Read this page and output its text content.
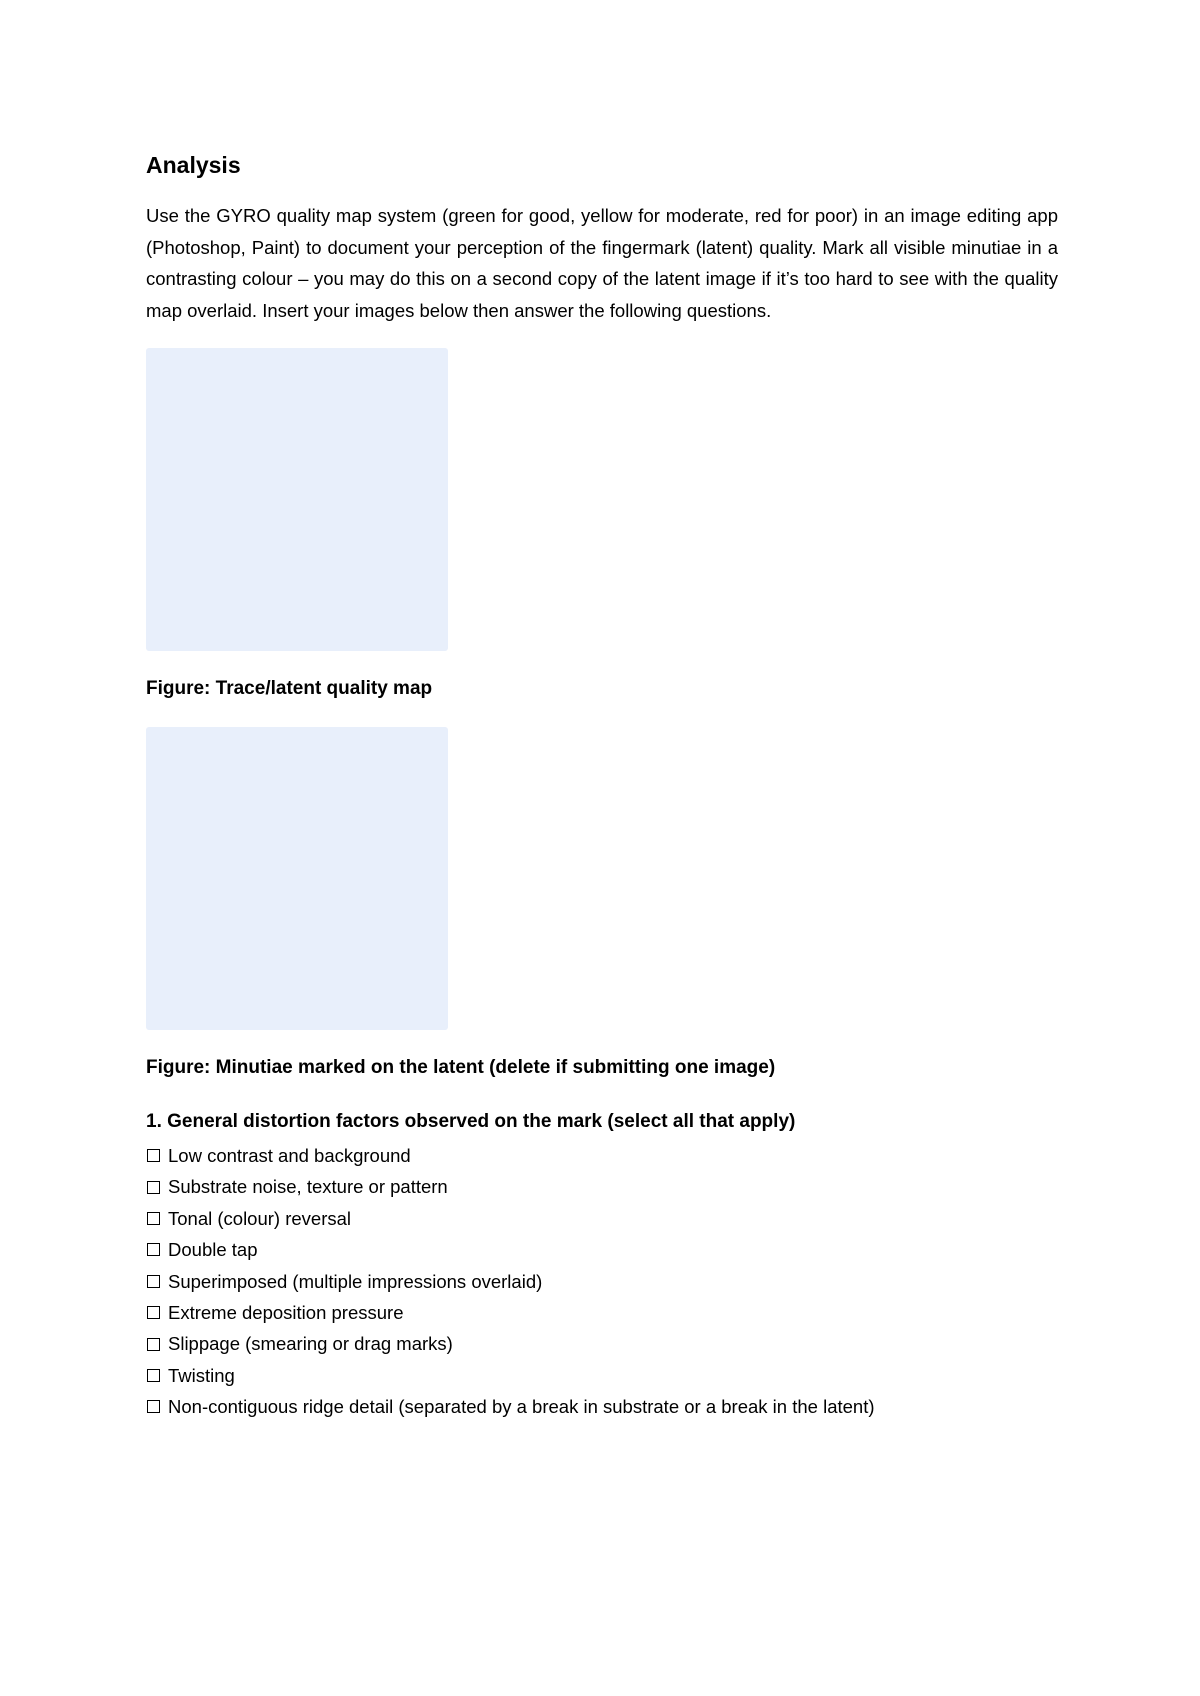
Analysis

Use the GYRO quality map system (green for good, yellow for moderate, red for poor) in an image editing app (Photoshop, Paint) to document your perception of the fingermark (latent) quality. Mark all visible minutiae in a contrasting colour – you may do this on a second copy of the latent image if it’s too hard to see with the quality map overlaid. Insert your images below then answer the following questions.

Figure: Trace/latent quality map
Figure: Minutiae marked on the latent (delete if submitting one image)
1. General distortion factors observed on the mark (select all that apply)
Low contrast and background
Substrate noise, texture or pattern
Tonal (colour) reversal
Double tap
Superimposed (multiple impressions overlaid)
Extreme deposition pressure
Slippage (smearing or drag marks)
Twisting
Non-contiguous ridge detail (separated by a break in substrate or a break in the latent)
